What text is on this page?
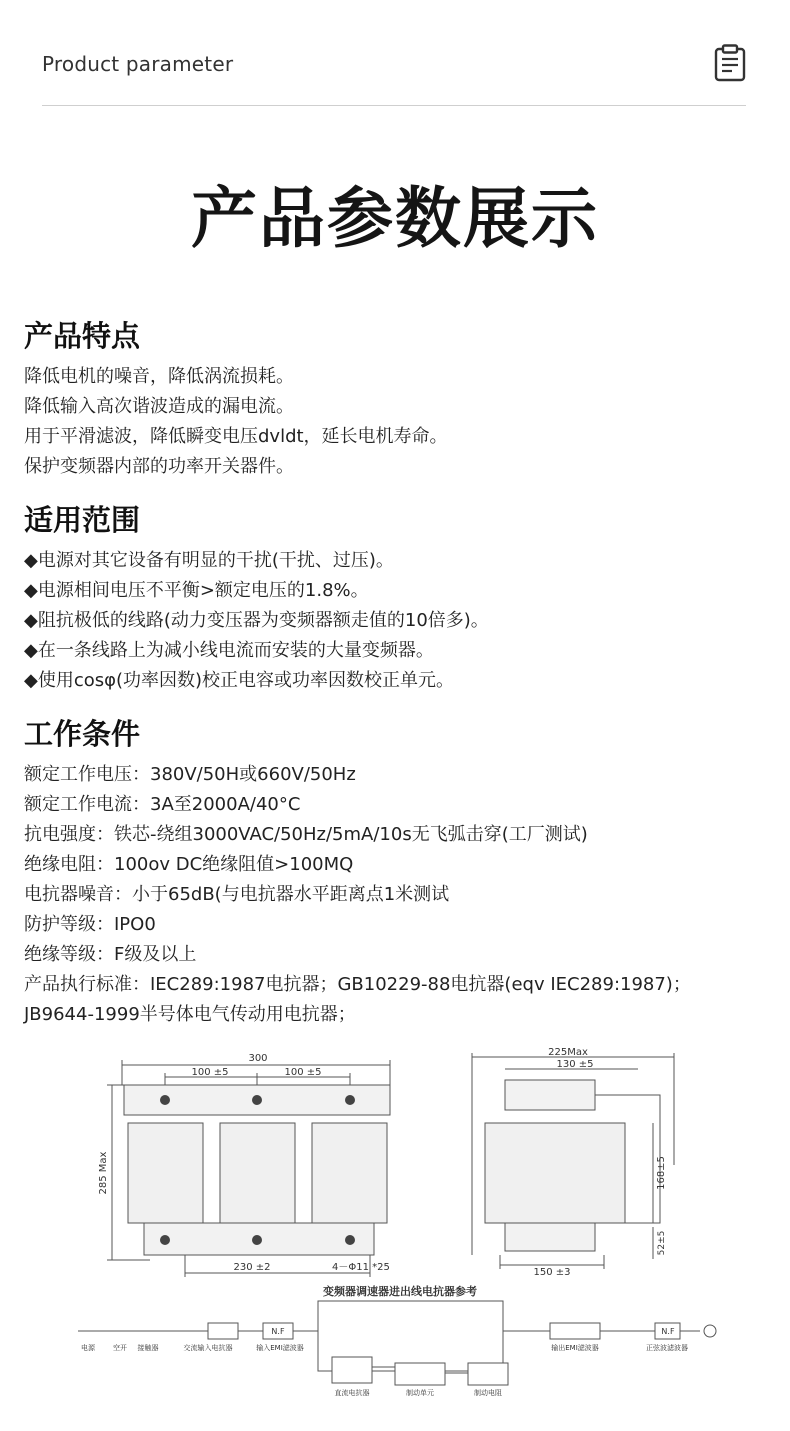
Product parameter
产品参数展示
产品特点
降低电机的噪音，降低涡流损耗。
降低输入高次谐波造成的漏电流。
用于平滑滤波，降低瞬变电压dvldt，延长电机寿命。
保护变频器内部的功率开关器件。
适用范围
◆电源对其它设备有明显的干扰(干扰、过压)。
◆电源相间电压不平衡>额定电压的1.8%。
◆阻抗极低的线路(动力变压器为变频器额走值的10倍多)。
◆在一条线路上为减小线电流而安装的大量变频器。
◆使用cosφ(功率因数)校正电容或功率因数校正单元。
工作条件
额定工作电压：380V/50H或660V/50Hz
额定工作电流：3A至2000A/40°C
抗电强度：铁芯-绕组3000VAC/50Hz/5mA/10s无飞弧击穿(工厂测试)
绝缘电阻：100ov DC绝缘阻值>100MQ
电抗器噪音：小于65dB(与电抗器水平距离点1米测试
防护等级：IPO0
绝缘等级：F级及以上
产品执行标准：IEC289:1987电抗器；GB10229-88电抗器(eqv IEC289:1987)；
JB9644-1999半号体电气传动用电抗器；
300
100 ±5	100 ±5
285 Max
230 ±2	4－Φ11 *25
225Max
130 ±5
168±5
52±5
150 ±3
变频器调速器进出线电抗器参考
N.F	N.F
电源	空开 接触器	交流输入电抗器	输入EMI滤波器	输出EMI滤波器	正弦波滤波器
直流电抗器	制动单元	制动电阻
